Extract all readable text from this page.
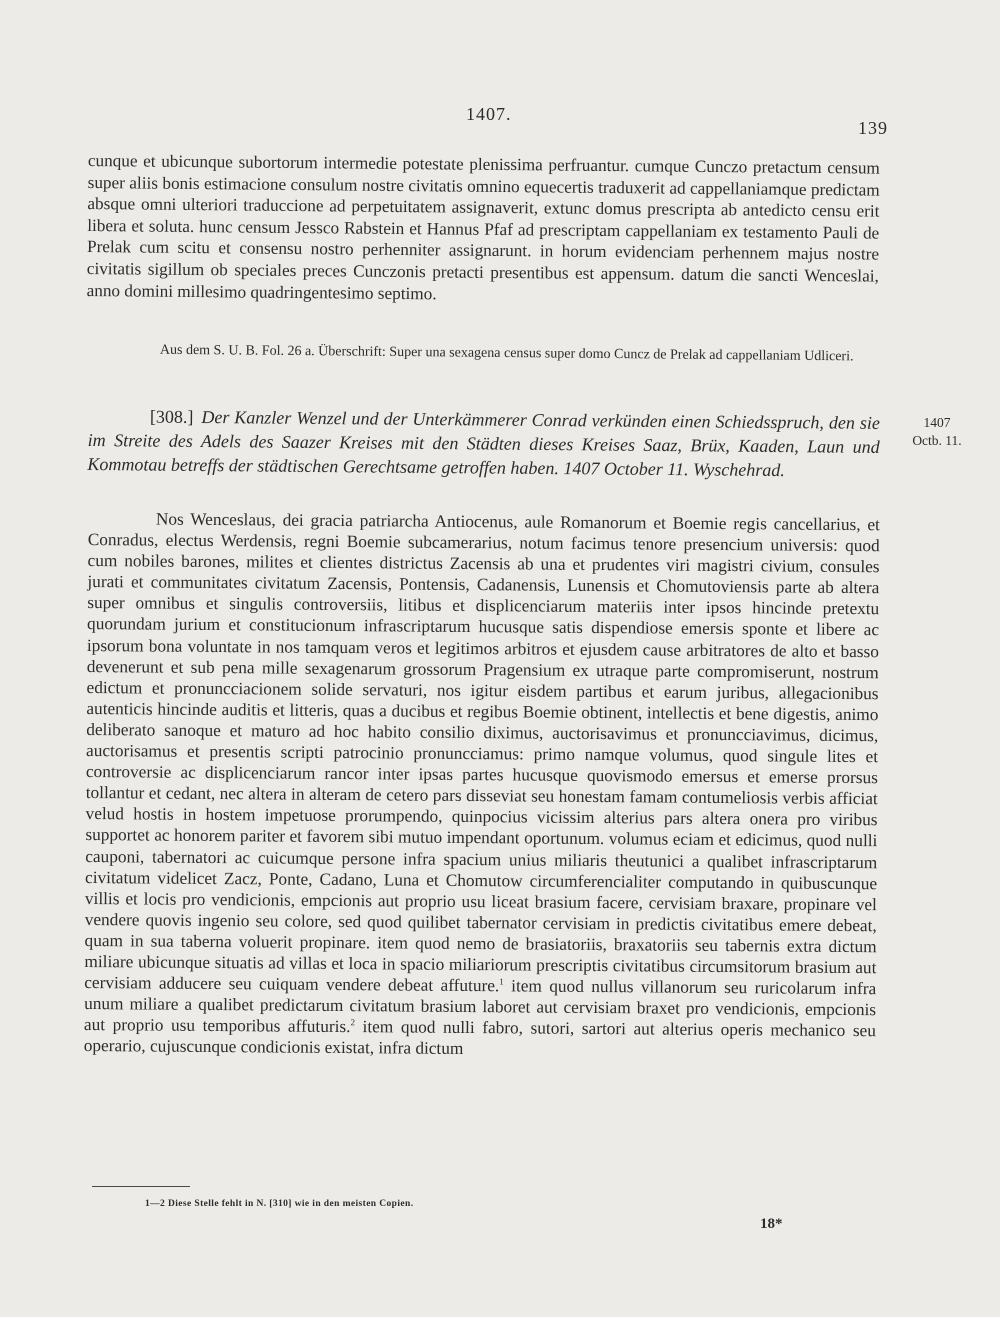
1407.
139
cunque et ubicunque subortorum intermedie potestate plenissima perfruantur. cumque Cunczo pretactum censum super aliis bonis estimacione consulum nostre civitatis omnino equecertis traduxerit ad cappellaniamque predictam absque omni ulteriori traduccione ad perpetuitatem assignaverit, extunc domus prescripta ab antedicto censu erit libera et soluta. hunc censum Jessco Rabstein et Hannus Pfaf ad prescriptam cappellaniam ex testamento Pauli de Prelak cum scitu et consensu nostro perhenniter assignarunt. in horum evidenciam perhennem majus nostre civitatis sigillum ob speciales preces Cunczonis pretacti presentibus est appensum. datum die sancti Wenceslai, anno domini millesimo quadringentesimo septimo.
Aus dem S. U. B. Fol. 26 a. Überschrift: Super una sexagena census super domo Cuncz de Prelak ad cappellaniam Udliceri.
[308.] Der Kanzler Wenzel und der Unterkämmerer Conrad verkünden einen Schiedsspruch, den sie im Streite des Adels des Saazer Kreises mit den Städten dieses Kreises Saaz, Brüx, Kaaden, Laun und Kommotau betreffs der städtischen Gerechtsame getroffen haben. 1407 October 11. Wyschehrad.
1407
Octb. 11.
Nos Wenceslaus, dei gracia patriarcha Antiocenus, aule Romanorum et Boemie regis cancellarius, et Conradus, electus Werdensis, regni Boemie subcamerarius, notum facimus tenore presencium universis: quod cum nobiles barones, milites et clientes districtus Zacensis ab una et prudentes viri magistri civium, consules jurati et communitates civitatum Zacensis, Pontensis, Cadanensis, Lunensis et Chomutoviensis parte ab altera super omnibus et singulis controversiis, litibus et displicenciarum materiis inter ipsos hincinde pretextu quorundam jurium et constitucionum infrascriptarum hucusque satis dispendiose emersis sponte et libere ac ipsorum bona voluntate in nos tamquam veros et legitimos arbitros et ejusdem cause arbitratores de alto et basso devenerunt et sub pena mille sexagenarum grossorum Pragensium ex utraque parte compromiserunt, nostrum edictum et pronuncciacionem solide servaturi, nos igitur eisdem partibus et earum juribus, allegacionibus autenticis hincinde auditis et litteris, quas a ducibus et regibus Boemie obtinent, intellectis et bene digestis, animo deliberato sanoque et maturo ad hoc habito consilio diximus, auctorisavimus et pronuncciavimus, dicimus, auctorisamus et presentis scripti patrocinio pronuncciamus: primo namque volumus, quod singule lites et controversie ac displicenciarum rancor inter ipsas partes hucusque quovismodo emersus et emerse prorsus tollantur et cedant, nec altera in alteram de cetero pars disseviat seu honestam famam contumeliosis verbis afficiat velud hostis in hostem impetuose prorumpendo, quinpocius vicissim alterius pars altera onera pro viribus supportet ac honorem pariter et favorem sibi mutuo impendant oportunum. volumus eciam et edicimus, quod nulli cauponi, tabernatori ac cuicumque persone infra spacium unius miliaris theutunici a qualibet infrascriptarum civitatum videlicet Zacz, Ponte, Cadano, Luna et Chomutow circumferencialiter computando in quibuscunque villis et locis pro vendicionis, empcionis aut proprio usu liceat brasium facere, cervisiam braxare, propinare vel vendere quovis ingenio seu colore, sed quod quilibet tabernator cervisiam in predictis civitatibus emere debeat, quam in sua taberna voluerit propinare. item quod nemo de brasiatoriis, braxatoriis seu tabernis extra dictum miliare ubicunque situatis ad villas et loca in spacio miliariorum prescriptis civitatibus circumsitorum brasium aut cervisiam adducere seu cuiquam vendere debeat affuture.$^1$ item quod nullus villanorum seu ruricolarum infra unum miliare a qualibet predictarum civitatum brasium laboret aut cervisiam braxet pro vendicionis, empcionis aut proprio usu temporibus affuturis.$^2$ item quod nulli fabro, sutori, sartori aut alterius operis mechanico seu operario, cujuscunque condicionis existat, infra dictum
1—2 Diese Stelle fehlt in N. [310] wie in den meisten Copien.
18*
